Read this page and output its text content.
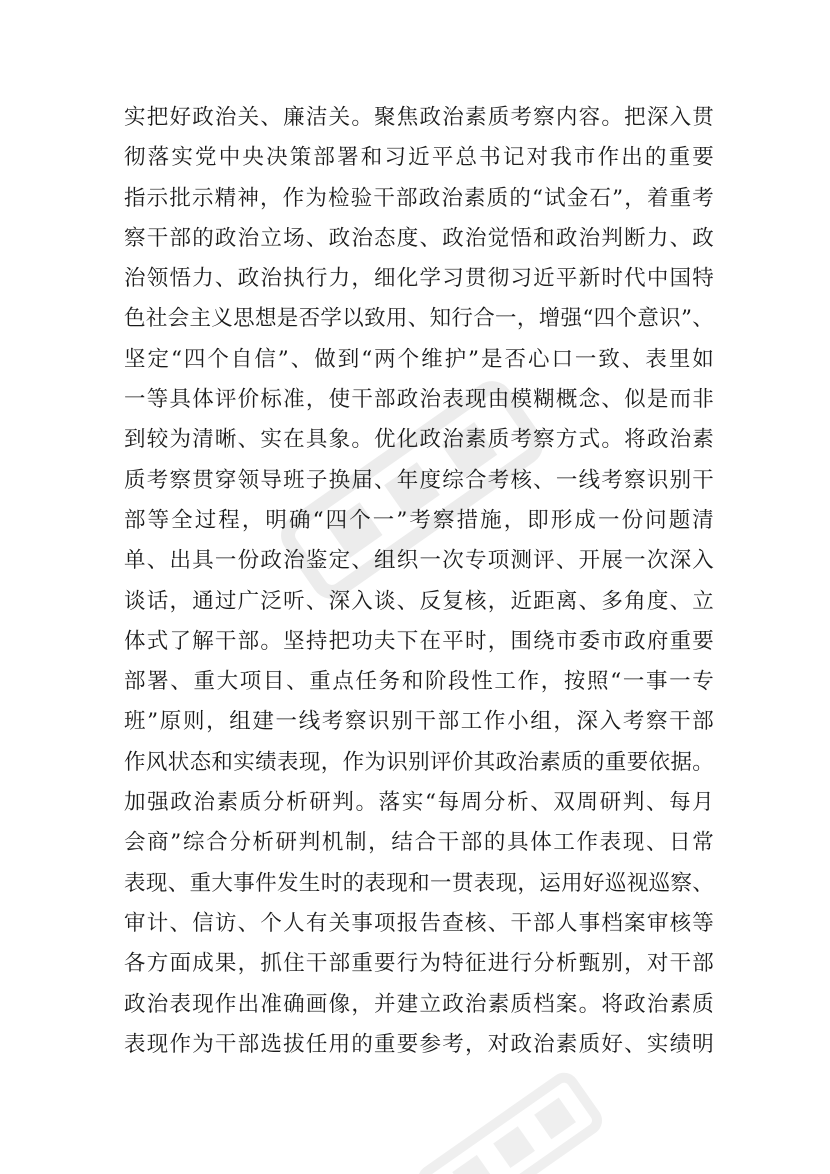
实把好政治关、廉洁关。聚焦政治素质考察内容。把深入贯
彻落实党中央决策部署和习近平总书记对我市作出的重要
指示批示精神，作为检验干部政治素质的“试金石”，着重考
察干部的政治立场、政治态度、政治觉悟和政治判断力、政
治领悟力、政治执行力，细化学习贯彻习近平新时代中国特
色社会主义思想是否学以致用、知行合一，增强“四个意识”、
坚定“四个自信”、做到“两个维护”是否心口一致、表里如
一等具体评价标准，使干部政治表现由模糊概念、似是而非
到较为清晰、实在具象。优化政治素质考察方式。将政治素
质考察贯穿领导班子换届、年度综合考核、一线考察识别干
部等全过程，明确“四个一”考察措施，即形成一份问题清
单、出具一份政治鉴定、组织一次专项测评、开展一次深入
谈话，通过广泛听、深入谈、反复核，近距离、多角度、立
体式了解干部。坚持把功夫下在平时，围绕市委市政府重要
部署、重大项目、重点任务和阶段性工作，按照“一事一专
班”原则，组建一线考察识别干部工作小组，深入考察干部
作风状态和实绩表现，作为识别评价其政治素质的重要依据。
加强政治素质分析研判。落实“每周分析、双周研判、每月
会商”综合分析研判机制，结合干部的具体工作表现、日常
表现、重大事件发生时的表现和一贯表现，运用好巡视巡察、
审计、信访、个人有关事项报告查核、干部人事档案审核等
各方面成果，抓住干部重要行为特征进行分析甄别，对干部
政治表现作出准确画像，并建立政治素质档案。将政治素质
表现作为干部选拔任用的重要参考，对政治素质好、实绩明
